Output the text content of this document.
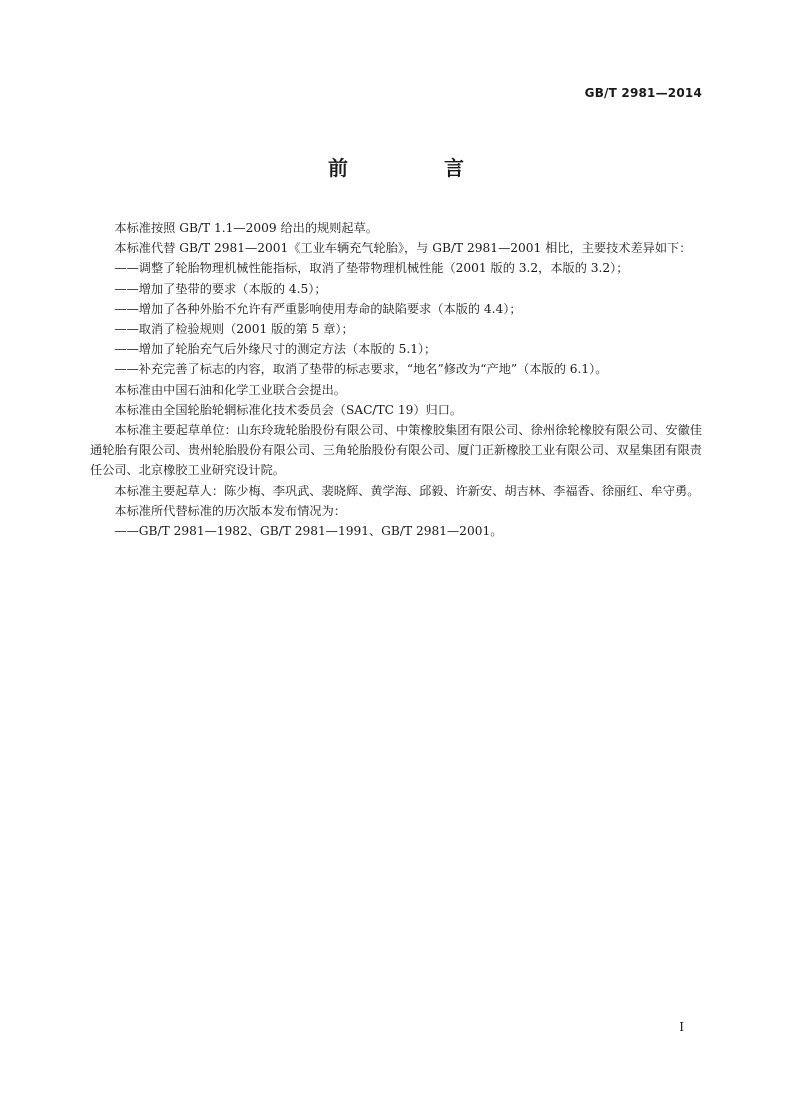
GB/T 2981—2014
前　言

本标准按照 GB/T 1.1—2009 给出的规则起草。

本标准代替 GB/T 2981—2001《工业车辆充气轮胎》，与 GB/T 2981—2001 相比，主要技术差异如下：

——调整了轮胎物理机械性能指标，取消了垫带物理机械性能（2001 版的 3.2，本版的 3.2）；

——增加了垫带的要求（本版的 4.5）；

——增加了各种外胎不允许有严重影响使用寿命的缺陷要求（本版的 4.4）；

——取消了检验规则（2001 版的第 5 章）；

——增加了轮胎充气后外缘尺寸的测定方法（本版的 5.1）；

——补充完善了标志的内容，取消了垫带的标志要求，“地名”修改为“产地”（本版的 6.1）。

本标准由中国石油和化学工业联合会提出。

本标准由全国轮胎轮辋标准化技术委员会（SAC/TC 19）归口。

本标准主要起草单位：山东玲珑轮胎股份有限公司、中策橡胶集团有限公司、徐州徐轮橡胶有限公司、安徽佳通轮胎有限公司、贵州轮胎股份有限公司、三角轮胎股份有限公司、厦门正新橡胶工业有限公司、双星集团有限责任公司、北京橡胶工业研究设计院。

本标准主要起草人：陈少梅、李巩武、裴晓辉、黄学海、邱毅、许新安、胡吉林、李福香、徐丽红、牟守勇。

本标准所代替标准的历次版本发布情况为：

——GB/T 2981—1982、GB/T 2981—1991、GB/T 2981—2001。

I
